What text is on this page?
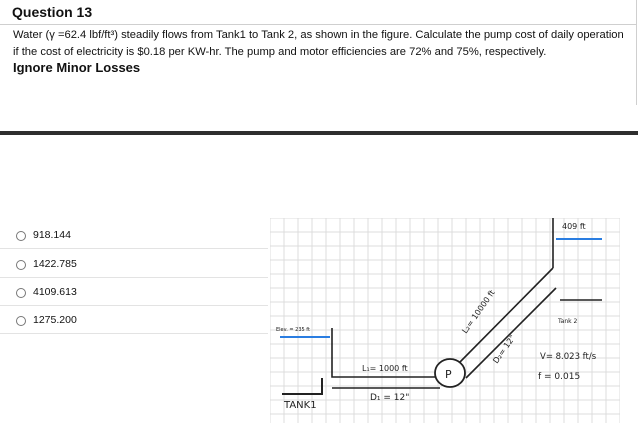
Question 13
Water (γ =62.4 lbf/ft³) steadily flows from Tank1 to Tank 2, as shown in the figure. Calculate the pump cost of daily operation if the cost of electricity is $0.18 per KW-hr. The pump and motor efficiencies are 72% and 75%, respectively.
Ignore Minor Losses
918.144
1422.785
4109.613
1275.200
P
409 ft
Elev. = 235 ft
Tank 2
TANK1
L₁= 1000 ft
D₁ = 12"
L₂= 10000 ft
D₂= 12"	V= 8.023 ft/s
f = 0.015
